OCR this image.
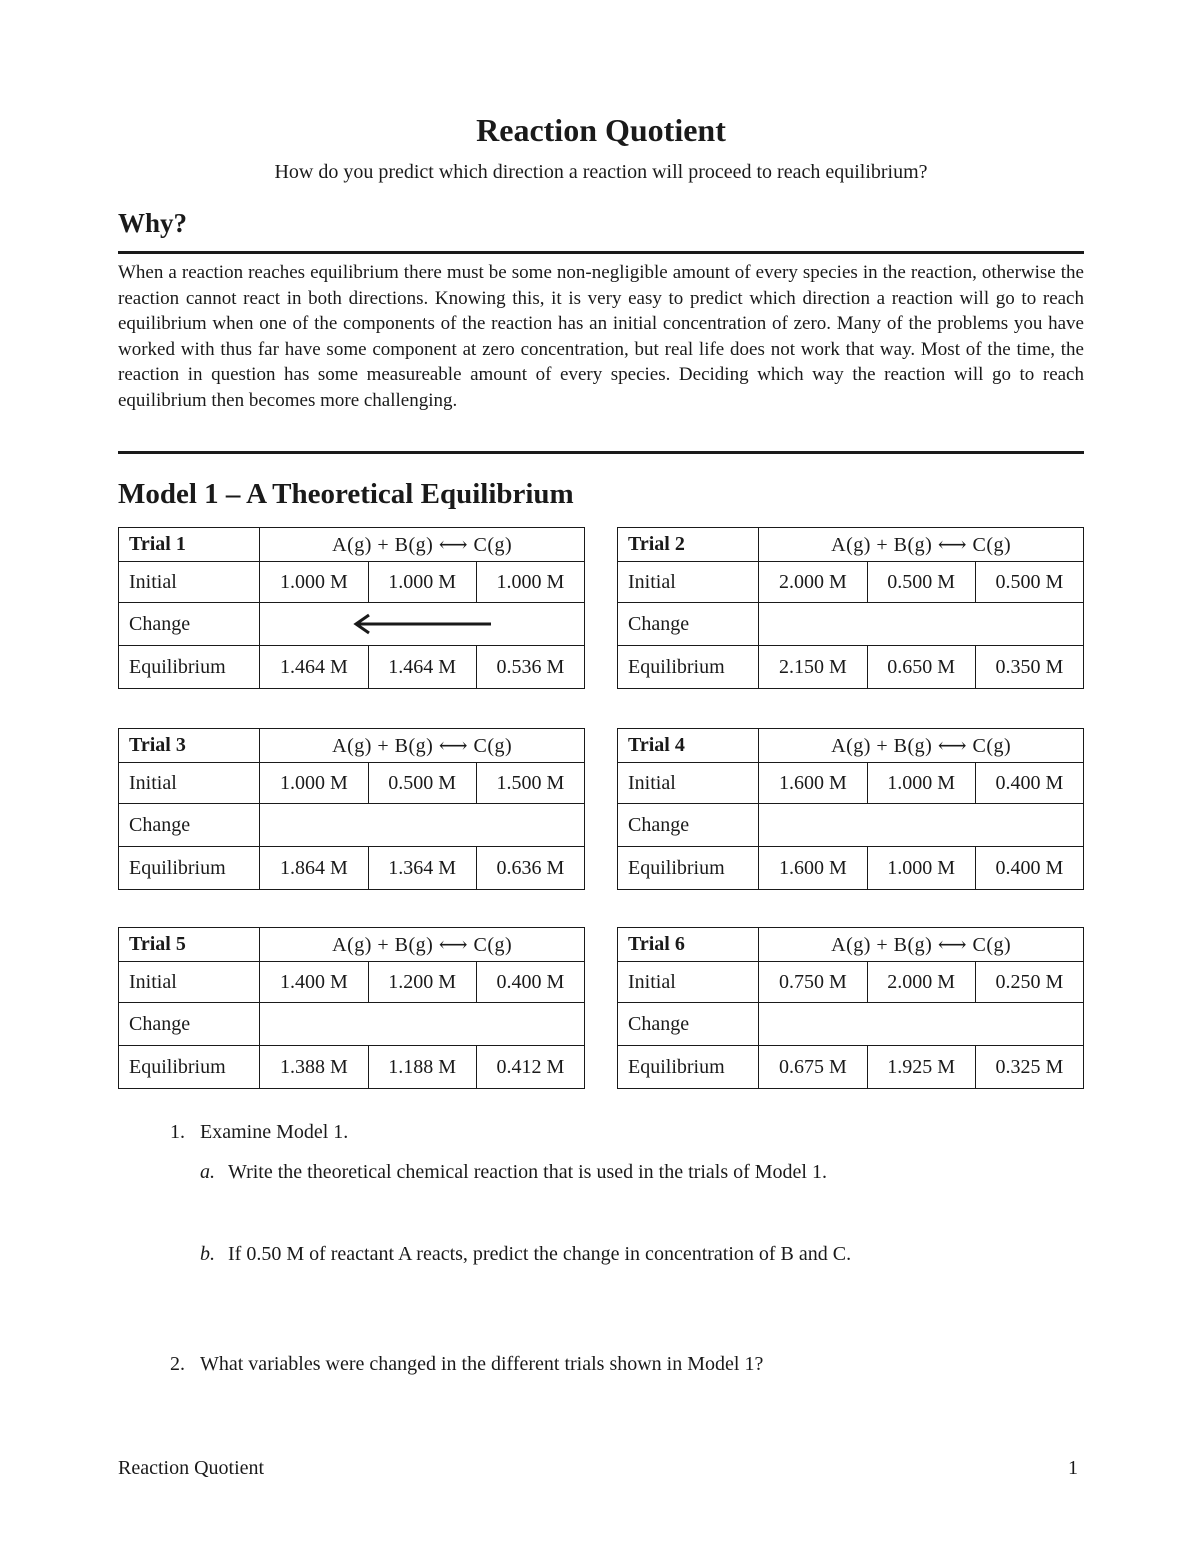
Reaction Quotient

How do you predict which direction a reaction will proceed to reach equilibrium?

Why?

When a reaction reaches equilibrium there must be some non-negligible amount of every species in the reaction, otherwise the reaction cannot react in both directions. Knowing this, it is very easy to predict which direction a reaction will go to reach equilibrium when one of the components of the reaction has an initial concentration of zero. Many of the problems you have worked with thus far have some component at zero concentration, but real life does not work that way. Most of the time, the reaction in question has some measureable amount of every species. Deciding which way the reaction will go to reach equilibrium then becomes more challenging.

Model 1 – A Theoretical Equilibrium
Trial 1	A(g) + B(g) ⟷ C(g)		
Initial	1.000 M	1.000 M	1.000 M
Change	

Equilibrium	1.464 M	1.464 M	0.536 M
Trial 2	A(g) + B(g) ⟷ C(g)		
Initial	2.000 M	0.500 M	0.500 M
Change			
Equilibrium	2.150 M	0.650 M	0.350 M
Trial 3	A(g) + B(g) ⟷ C(g)		
Initial	1.000 M	0.500 M	1.500 M
Change			
Equilibrium	1.864 M	1.364 M	0.636 M
Trial 4	A(g) + B(g) ⟷ C(g)		
Initial	1.600 M	1.000 M	0.400 M
Change			
Equilibrium	1.600 M	1.000 M	0.400 M
Trial 5	A(g) + B(g) ⟷ C(g)		
Initial	1.400 M	1.200 M	0.400 M
Change			
Equilibrium	1.388 M	1.188 M	0.412 M
Trial 6	A(g) + B(g) ⟷ C(g)		
Initial	0.750 M	2.000 M	0.250 M
Change			
Equilibrium	0.675 M	1.925 M	0.325 M

1. Examine Model 1.

a. Write the theoretical chemical reaction that is used in the trials of Model 1.

b. If 0.50 M of reactant A reacts, predict the change in concentration of B and C.

2. What variables were changed in the different trials shown in Model 1?

Reaction Quotient	1
